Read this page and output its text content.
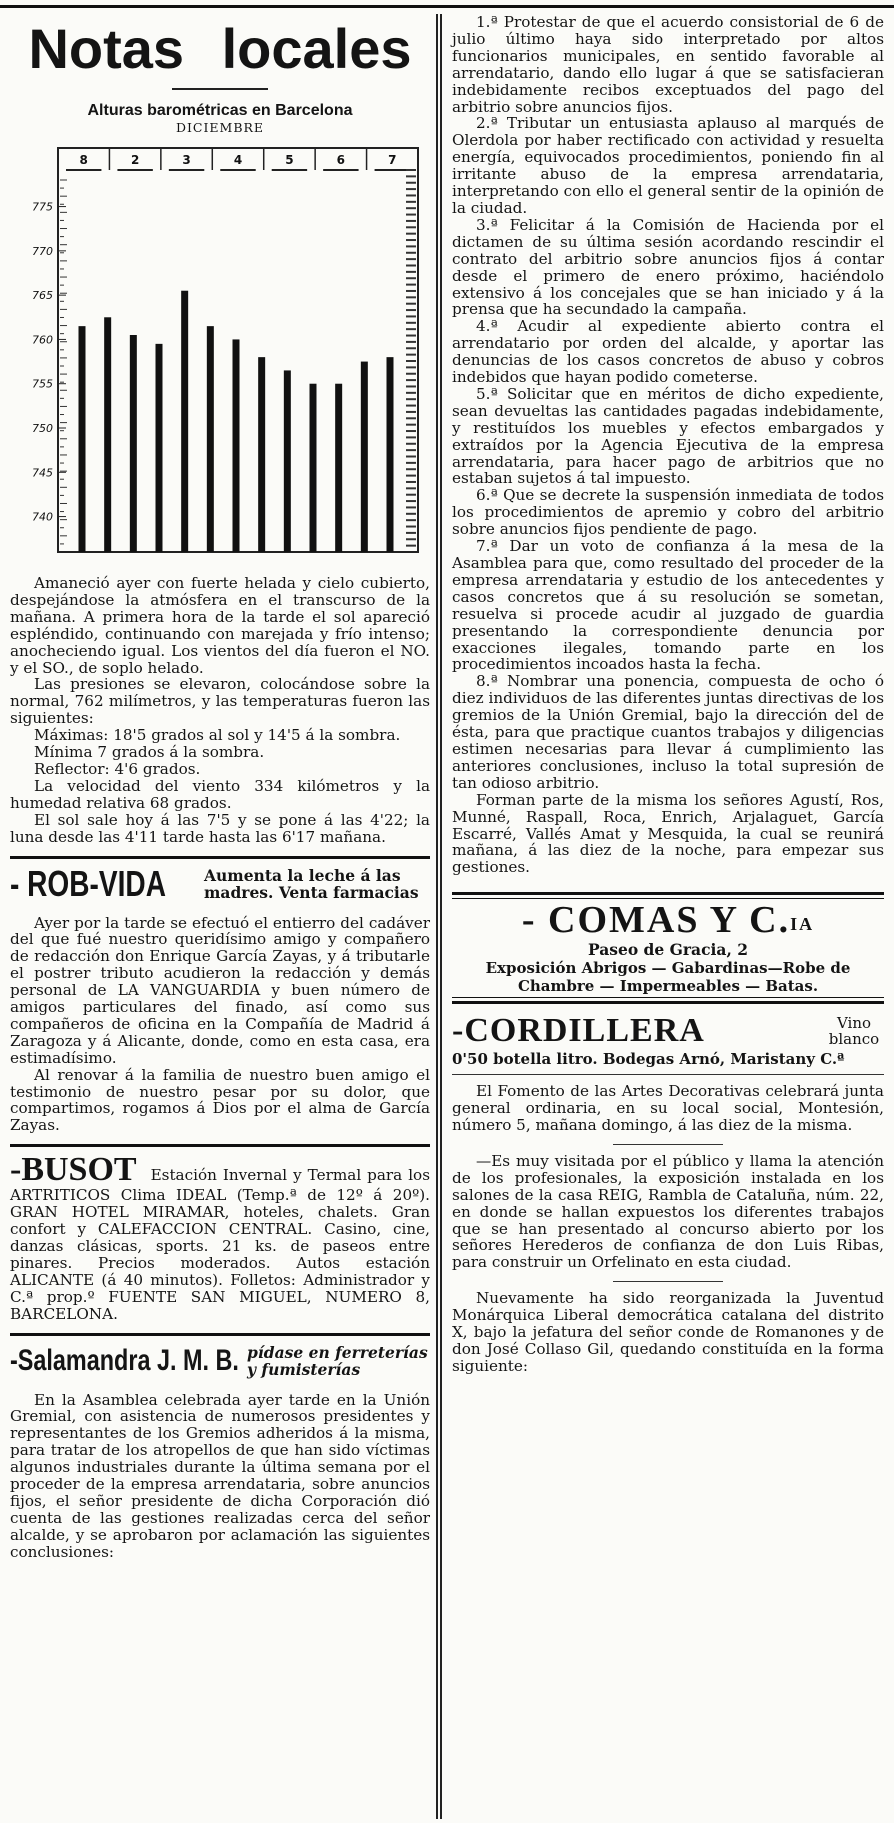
Notas locales
Alturas barométricas en Barcelona
DICIEMBRE
8	2	3	4	5	6	7
775
770
765
760
755
750
745
740

Amaneció ayer con fuerte helada y cielo cubierto, despejándose la atmósfera en el transcurso de la mañana. A primera hora de la tarde el sol apareció espléndido, continuando con marejada y frío intenso; anocheciendo igual. Los vientos del día fueron el NO. y el SO., de soplo helado.

Las presiones se elevaron, colocándose sobre la normal, 762 milímetros, y las temperaturas fueron las siguientes:

Máximas: 18'5 grados al sol y 14'5 á la sombra.

Mínima 7 grados á la sombra.

Reflector: 4'6 grados.

La velocidad del viento 334 kilómetros y la humedad relativa 68 grados.

El sol sale hoy á las 7'5 y se pone á las 4'22; la luna desde las 4'11 tarde hasta las 6'17 mañana.

- ROB-VIDA Aumenta la leche á las madres. Venta farmacias

Ayer por la tarde se efectuó el entierro del cadáver del que fué nuestro queridísimo amigo y compañero de redacción don Enrique García Zayas, y á tributarle el postrer tributo acudieron la redacción y demás personal de LA VANGUARDIA y buen número de amigos particulares del finado, así como sus compañeros de oficina en la Compañía de Madrid á Zaragoza y á Alicante, donde, como en esta casa, era estimadísimo.

Al renovar á la familia de nuestro buen amigo el testimonio de nuestro pesar por su dolor, que compartimos, rogamos á Dios por el alma de García Zayas.

-BUSOT Estación Invernal y Termal para los ARTRITICOS Clima IDEAL (Temp.ª de 12º á 20º). GRAN HOTEL MIRAMAR, hoteles, chalets. Gran confort y CALEFACCION CENTRAL. Casino, cine, danzas clásicas, sports. 21 ks. de paseos entre pinares. Precios moderados. Autos estación ALICANTE (á 40 minutos). Folletos: Administrador y C.ª prop.º FUENTE SAN MIGUEL, NUMERO 8, BARCELONA.
-Salamandra J. M. B. pídase en ferreterías y fumisterías

En la Asamblea celebrada ayer tarde en la Unión Gremial, con asistencia de numerosos presidentes y representantes de los Gremios adheridos á la misma, para tratar de los atropellos de que han sido víctimas algunos industriales durante la última semana por el proceder de la empresa arrendataria, sobre anuncios fijos, el señor presidente de dicha Corporación dió cuenta de las gestiones realizadas cerca del señor alcalde, y se aprobaron por aclamación las siguientes conclusiones:

1.ª Protestar de que el acuerdo consistorial de 6 de julio último haya sido interpretado por altos funcionarios municipales, en sentido favorable al arrendatario, dando ello lugar á que se satisfacieran indebidamente recibos exceptuados del pago del arbitrio sobre anuncios fijos.

2.ª Tributar un entusiasta aplauso al marqués de Olerdola por haber rectificado con actividad y resuelta energía, equivocados procedimientos, poniendo fin al irritante abuso de la empresa arrendataria, interpretando con ello el general sentir de la opinión de la ciudad.

3.ª Felicitar á la Comisión de Hacienda por el dictamen de su última sesión acordando rescindir el contrato del arbitrio sobre anuncios fijos á contar desde el primero de enero próximo, haciéndolo extensivo á los concejales que se han iniciado y á la prensa que ha secundado la campaña.

4.ª Acudir al expediente abierto contra el arrendatario por orden del alcalde, y aportar las denuncias de los casos concretos de abuso y cobros indebidos que hayan podido cometerse.

5.ª Solicitar que en méritos de dicho expediente, sean devueltas las cantidades pagadas indebidamente, y restituídos los muebles y efectos embargados y extraídos por la Agencia Ejecutiva de la empresa arrendataria, para hacer pago de arbitrios que no estaban sujetos á tal impuesto.

6.ª Que se decrete la suspensión inmediata de todos los procedimientos de apremio y cobro del arbitrio sobre anuncios fijos pendiente de pago.

7.ª Dar un voto de confianza á la mesa de la Asamblea para que, como resultado del proceder de la empresa arrendataria y estudio de los antecedentes y casos concretos que á su resolución se sometan, resuelva si procede acudir al juzgado de guardia presentando la correspondiente denuncia por exacciones ilegales, tomando parte en los procedimientos incoados hasta la fecha.

8.ª Nombrar una ponencia, compuesta de ocho ó diez individuos de las diferentes juntas directivas de los gremios de la Unión Gremial, bajo la dirección del de ésta, para que practique cuantos trabajos y diligencias estimen necesarias para llevar á cumplimiento las anteriores conclusiones, incluso la total supresión de tan odioso arbitrio.

Forman parte de la misma los señores Agustí, Ros, Munné, Raspall, Roca, Enrich, Arjalaguet, García Escarré, Vallés Amat y Mesquida, la cual se reunirá mañana, á las diez de la noche, para empezar sus gestiones.

- COMAS Y C.$^{IA}$
Paseo de Gracia, 2
Exposición Abrigos — Gabardinas—Robe de Chambre — Impermeables — Batas.
-CORDILLERA	Vino blanco
0'50 botella litro. Bodegas Arnó, Maristany C.ª

El Fomento de las Artes Decorativas celebrará junta general ordinaria, en su local social, Montesión, número 5, mañana domingo, á las diez de la misma.

—Es muy visitada por el público y llama la atención de los profesionales, la exposición instalada en los salones de la casa REIG, Rambla de Cataluña, núm. 22, en donde se hallan expuestos los diferentes trabajos que se han presentado al concurso abierto por los señores Herederos de confianza de don Luis Ribas, para construir un Orfelinato en esta ciudad.

Nuevamente ha sido reorganizada la Juventud Monárquica Liberal democrática catalana del distrito X, bajo la jefatura del señor conde de Romanones y de don José Collaso Gil, quedando constituída en la forma siguiente:
